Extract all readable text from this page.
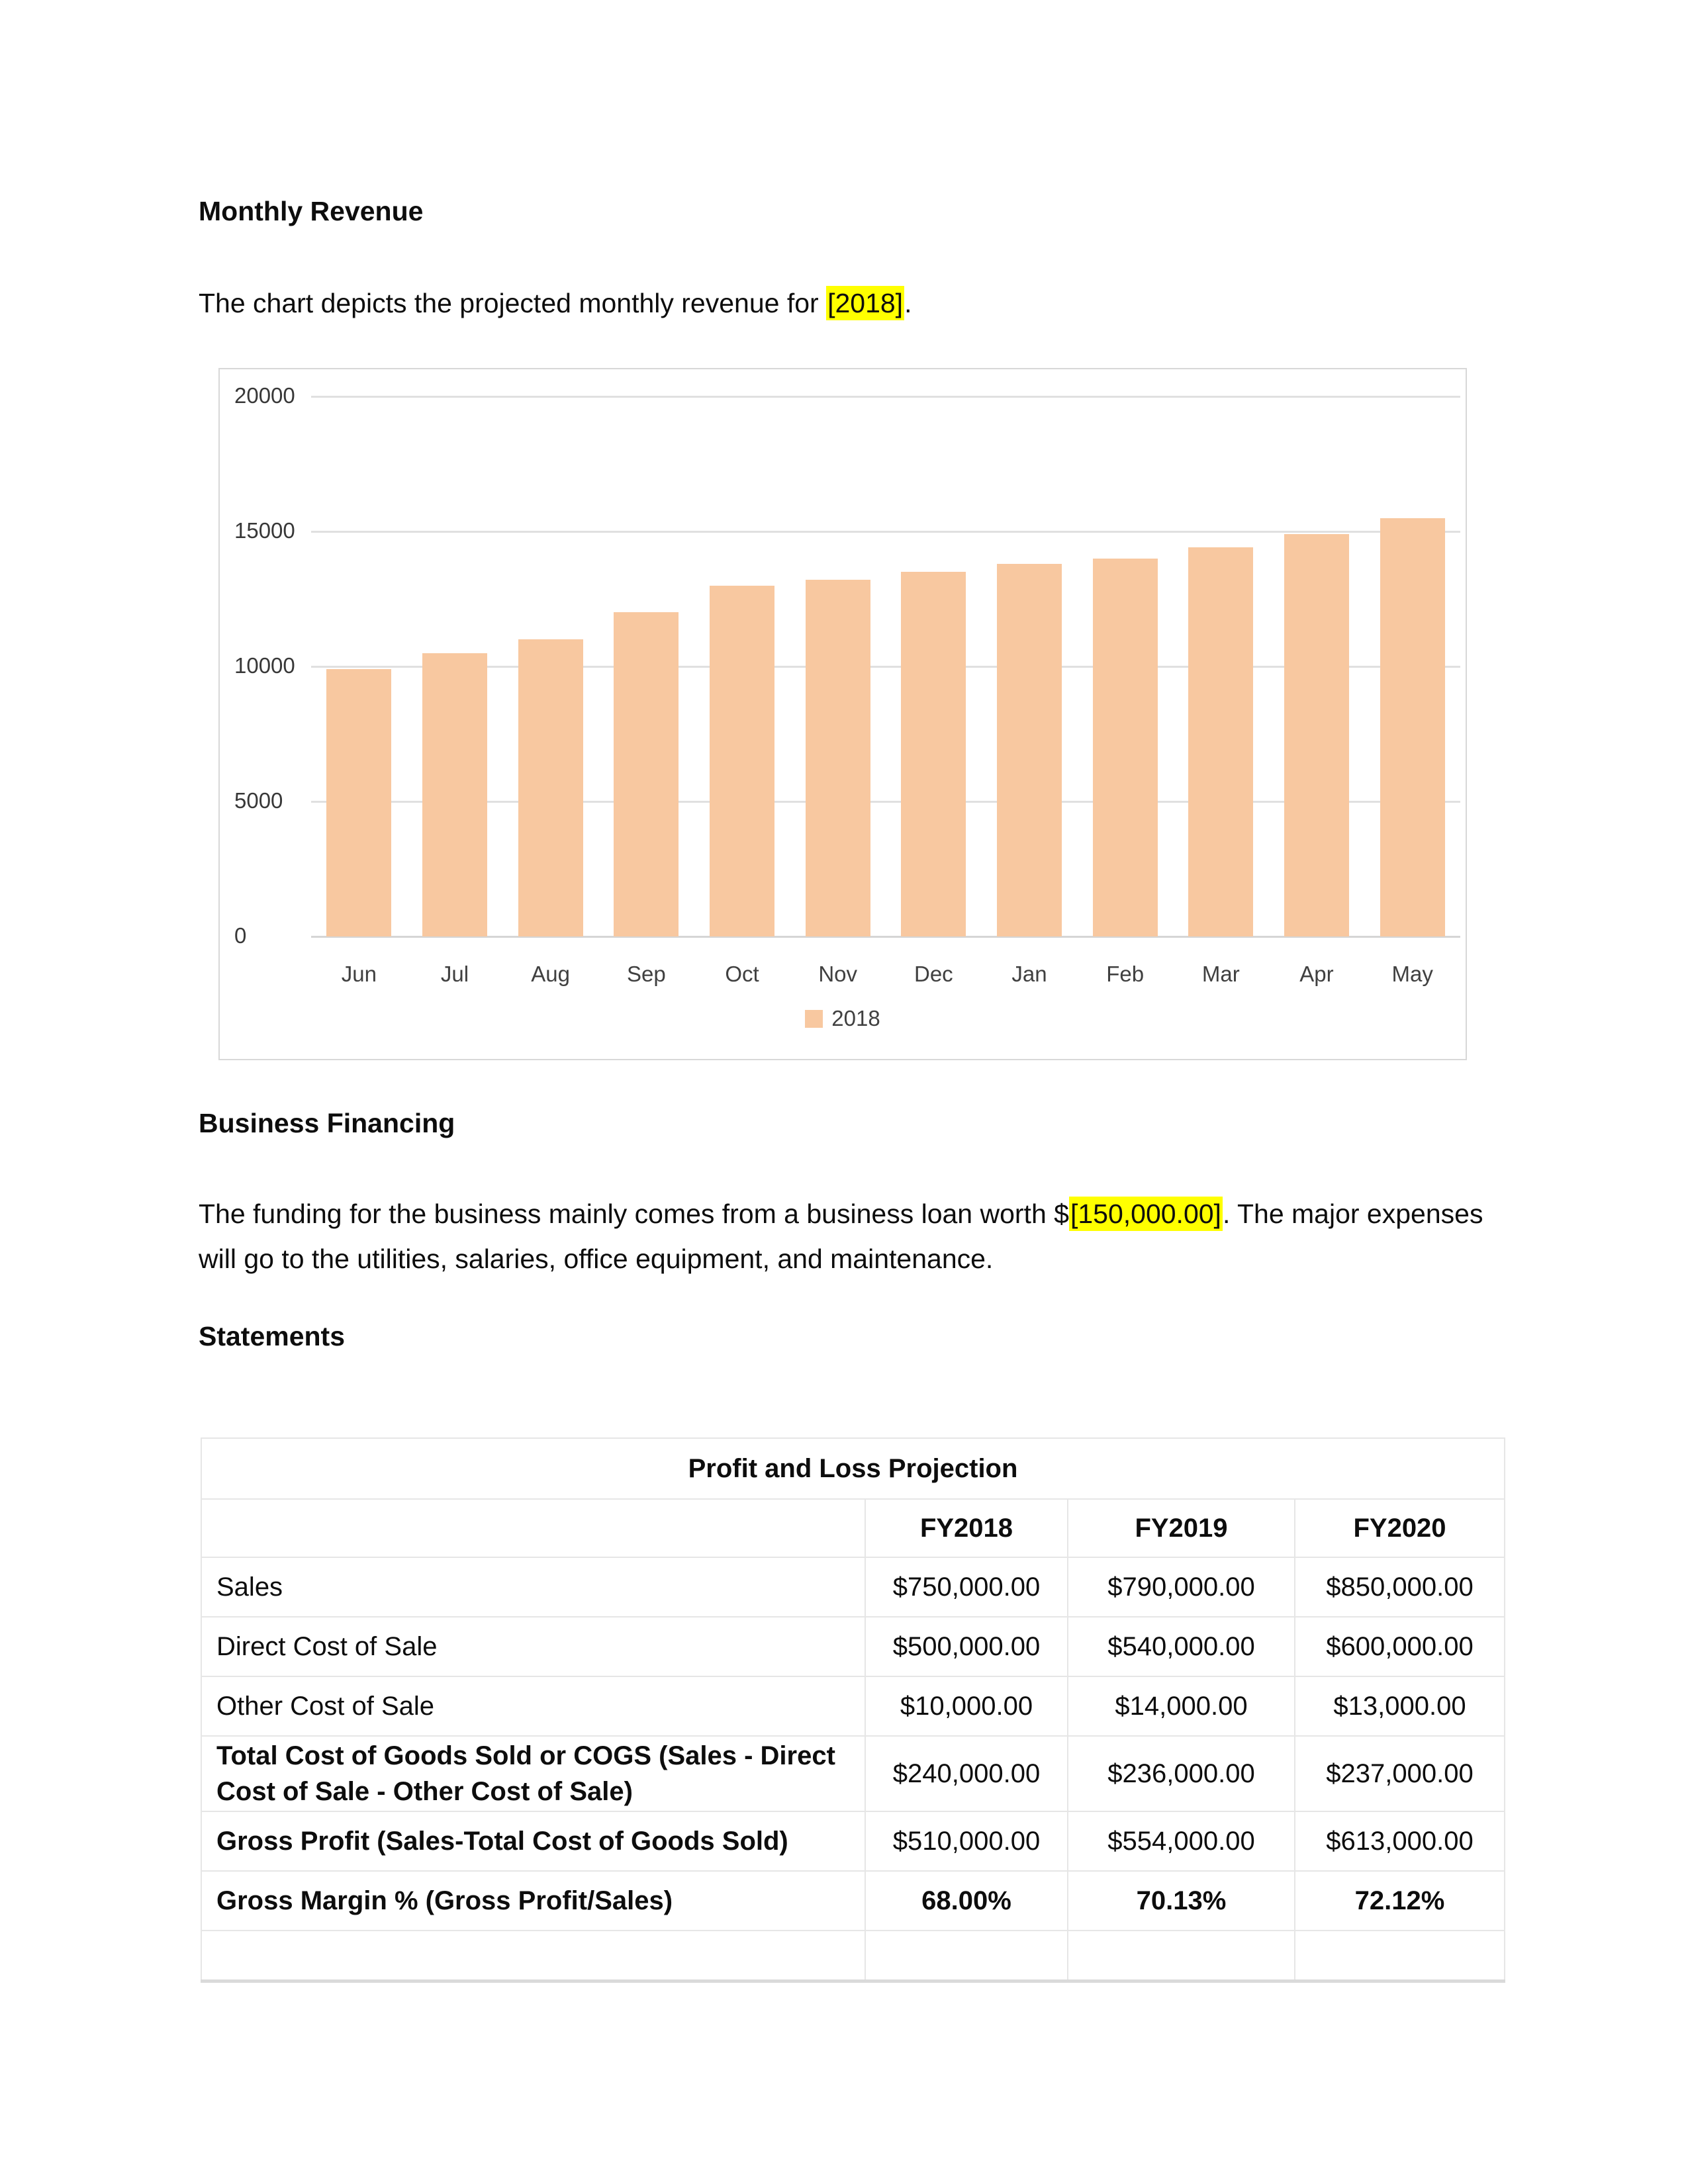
Monthly Revenue
The chart depicts the projected monthly revenue for [2018].
2018
0
5000
10000
15000
20000
Jun	Jul	Aug	Sep	Oct	Nov	Dec	Jan	Feb	Mar	Apr	May
Business Financing
The funding for the business mainly comes from a business loan worth $[150,000.00]. The major expenses
will go to the utilities, salaries, office equipment, and maintenance.
Statements
Profit and Loss Projection			
	FY2018	FY2019	FY2020
Sales	$750,000.00	$790,000.00	$850,000.00
Direct Cost of Sale	$500,000.00	$540,000.00	$600,000.00
Other Cost of Sale	$10,000.00	$14,000.00	$13,000.00
Total Cost of Goods Sold or COGS (Sales - Direct Cost of Sale - Other Cost of Sale)	$240,000.00	$236,000.00	$237,000.00
Gross Profit (Sales-Total Cost of Goods Sold)	$510,000.00	$554,000.00	$613,000.00
Gross Margin % (Gross Profit/Sales)	68.00%	70.13%	72.12%
